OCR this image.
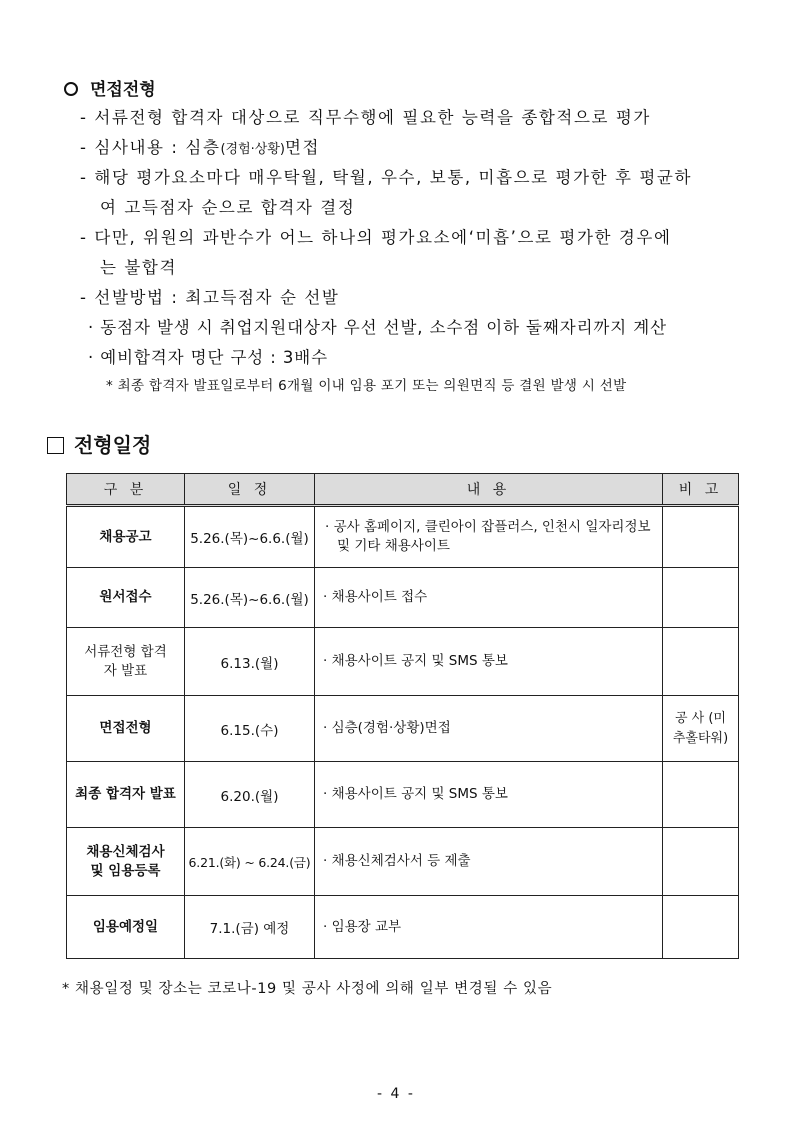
면접전형
- 서류전형 합격자 대상으로 직무수행에 필요한 능력을 종합적으로 평가
- 심사내용 : 심층(경험·상황)면접
- 해당 평가요소마다 매우탁월, 탁월, 우수, 보통, 미흡으로 평가한 후 평균하
여 고득점자 순으로 합격자 결정
- 다만, 위원의 과반수가 어느 하나의 평가요소에‘미흡’으로 평가한 경우에
는 불합격
- 선발방법 : 최고득점자 순 선발
· 동점자 발생 시 취업지원대상자 우선 선발, 소수점 이하 둘째자리까지 계산
· 예비합격자 명단 구성 : 3배수
* 최종 합격자 발표일로부터 6개월 이내 임용 포기 또는 의원면직 등 결원 발생 시 선발
전형일정
구 분	일 정	내 용	비 고
채용공고	5.26.(목)~6.6.(월)	· 공사 홈페이지, 클린아이 잡플러스, 인천시 일자리정보 및 기타 채용사이트	

원서접수	5.26.(목)~6.6.(월)	· 채용사이트 접수	
서류전형 합격자 발표	6.13.(월)	· 채용사이트 공지 및 SMS 통보	
면접전형	6.15.(수)	· 심층(경험·상황)면접	공 사 (미추홀타워)
최종 합격자 발표	6.20.(월)	· 채용사이트 공지 및 SMS 통보	
채용신체검사 및 임용등록	6.21.(화) ~ 6.24.(금)	· 채용신체검사서 등 제출	
임용예정일	7.1.(금) 예정	· 임용장 교부	
* 채용일정 및 장소는 코로나-19 및 공사 사정에 의해 일부 변경될 수 있음
- 4 -
